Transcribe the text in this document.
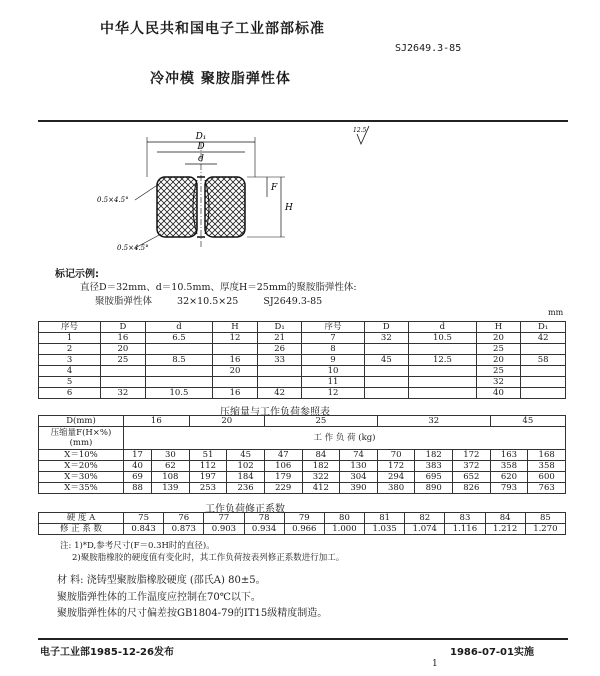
中华人民共和国电子工业部部标准
SJ2649.3-85
冷冲模 聚胺脂弹性体
D₁
D
d
F
H
0.5×4.5°
0.5×4.5°
12.5
标记示例:
直径D＝32mm、d＝10.5mm、厚度H＝25mm的聚胺脂弹性体:
聚胺脂弹性体	32×10.5×25	SJ2649.3-85
mm
序号	D	d	H	D₁	序号	D	d	H	D₁
1	16	6.5	12	21	7	32	10.5	20	42
2	20			26	8			25	
3	25	8.5	16	33	9	45	12.5	20	58
4			20		10			25	
5					11			32	
6	32	10.5	16	42	12			40	
压缩量与工作负荷参照表
D(mm)	16		20		25			32			45	
压缩量F(H×%)(mm)	工 作 负 荷 (kg)											
X＝10%	17	30	51	45	47	84	74	70	182	172	163	168
X＝20%	40	62	112	102	106	182	130	172	383	372	358	358
X＝30%	69	108	197	184	179	322	304	294	695	652	620	600
X＝35%	88	139	253	236	229	412	390	380	890	826	793	763
工作负荷修正系数
硬 度 A	75	76	77	78	79	80	81	82	83	84	85
修 正 系 数	0.843	0.873	0.903	0.934	0.966	1.000	1.035	1.074	1.116	1.212	1.270
注: 1)*D,参考尺寸(F＝0.3H时的直径)。
2)聚胺脂橡胶的硬度值有变化时，其工作负荷按表列修正系数进行加工。
材 料: 浇铸型聚胺脂橡胶硬度 (邵氏A) 80±5。
聚胺脂弹性体的工作温度应控制在70℃以下。
聚胺脂弹性体的尺寸偏差按GB1804-79的IT15级精度制造。
电子工业部1985-12-26发布	1986-07-01实施
1
